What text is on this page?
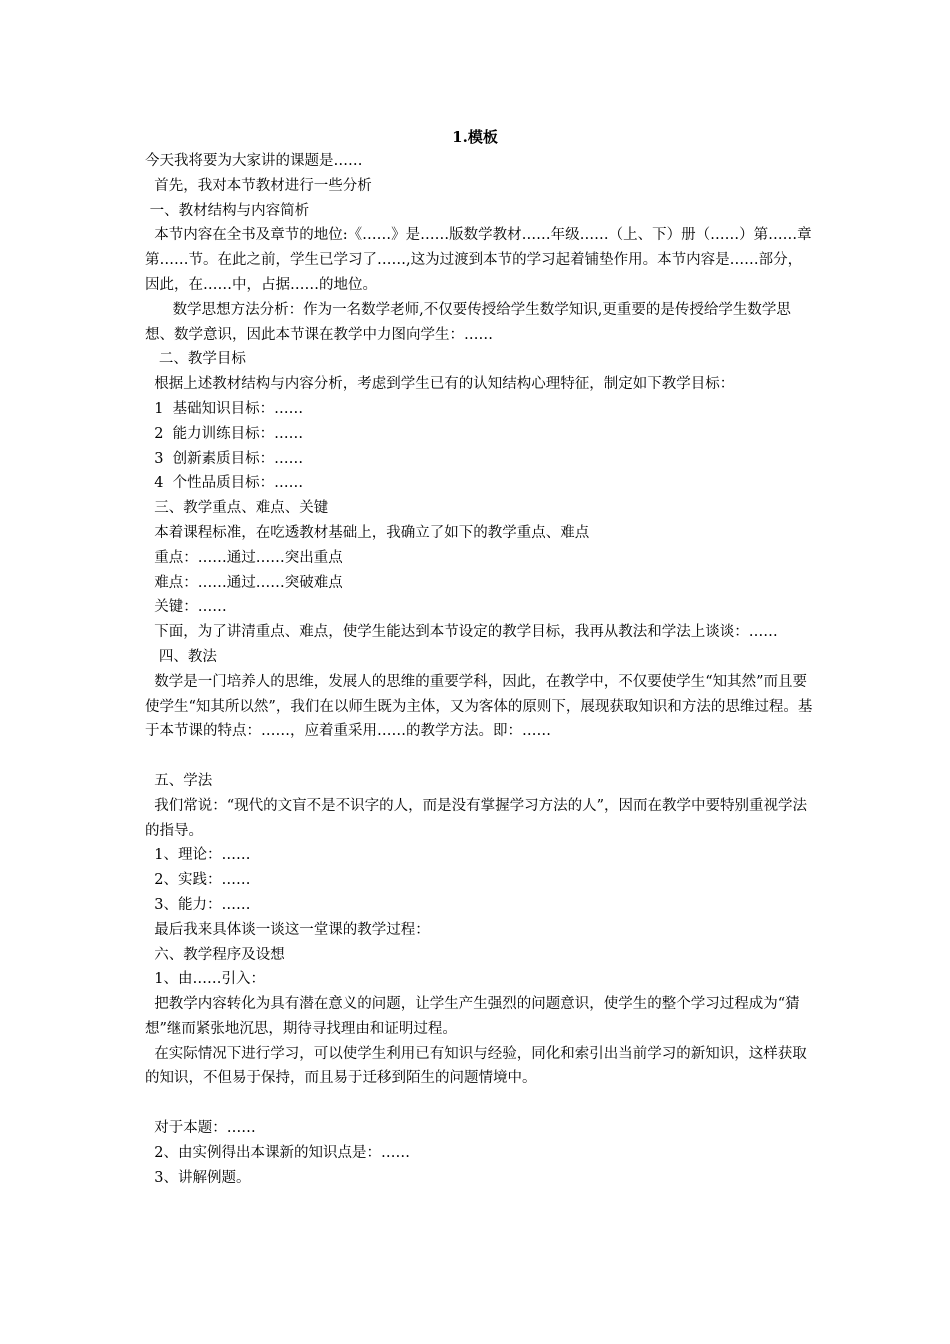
1.模板

今天我将要为大家讲的课题是……

首先，我对本节教材进行一些分析

一、教材结构与内容简析

本节内容在全书及章节的地位:《……》是……版数学教材……年级……（上、下）册（……）第……章第……节。在此之前，学生已学习了……,这为过渡到本节的学习起着铺垫作用。本节内容是……部分，因此，在……中，占据……的地位。

数学思想方法分析：作为一名数学老师,不仅要传授给学生数学知识,更重要的是传授给学生数学思想、数学意识，因此本节课在教学中力图向学生：……

二、教学目标

根据上述教材结构与内容分析，考虑到学生已有的认知结构心理特征，制定如下教学目标：

1  基础知识目标：……

2  能力训练目标：……

3  创新素质目标：……

4  个性品质目标：……

三、教学重点、难点、关键

本着课程标准，在吃透教材基础上，我确立了如下的教学重点、难点

重点：……通过……突出重点

难点：……通过……突破难点

关键：……

下面，为了讲清重点、难点，使学生能达到本节设定的教学目标，我再从教法和学法上谈谈：……

四、教法

数学是一门培养人的思维，发展人的思维的重要学科，因此，在教学中，不仅要使学生“知其然”而且要使学生“知其所以然”，我们在以师生既为主体，又为客体的原则下，展现获取知识和方法的思维过程。基于本节课的特点：……，应着重采用……的教学方法。即：……

五、学法

我们常说：“现代的文盲不是不识字的人，而是没有掌握学习方法的人”，因而在教学中要特别重视学法的指导。

1、理论：……

2、实践：……

3、能力：……

最后我来具体谈一谈这一堂课的教学过程：

六、教学程序及设想

1、由……引入：

把教学内容转化为具有潜在意义的问题，让学生产生强烈的问题意识，使学生的整个学习过程成为“猜想”继而紧张地沉思，期待寻找理由和证明过程。

在实际情况下进行学习，可以使学生利用已有知识与经验，同化和索引出当前学习的新知识，这样获取的知识，不但易于保持，而且易于迁移到陌生的问题情境中。

对于本题：……

2、由实例得出本课新的知识点是：……

3、讲解例题。
